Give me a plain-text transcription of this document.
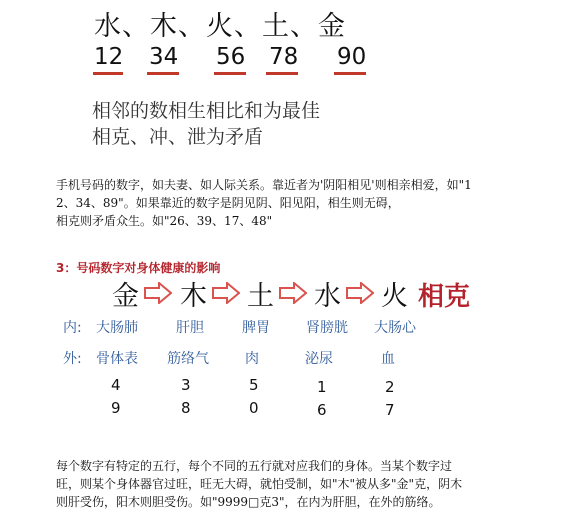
水、木、火、土、金
12 34 56 78 90
相邻的数相生相比和为最佳
相克、冲、泄为矛盾
手机号码的数字，如夫妻、如人际关系。靠近者为'阴阳相见'则相亲相爱，如"1
2、34、89"。如果靠近的数字是阴见阴、阳见阳，相生则无碍，
相克则矛盾众生。如"26、39、17、48"
3：号码数字对身体健康的影响
金 木 土 水 火 相克
内: 大肠肺	肝胆	脾胃	肾膀胱 大肠心
外: 骨体表 筋络气	肉	泌尿	血
4	3	5	1	2
9	8	0	6	7
每个数字有特定的五行，每个不同的五行就对应我们的身体。当某个数字过
旺，则某个身体器官过旺，旺无大碍，就怕受制，如"木"被从多"金"克，阴木
则肝受伤，阳木则胆受伤。如"9999□克3"，在内为肝胆，在外的筋络。
